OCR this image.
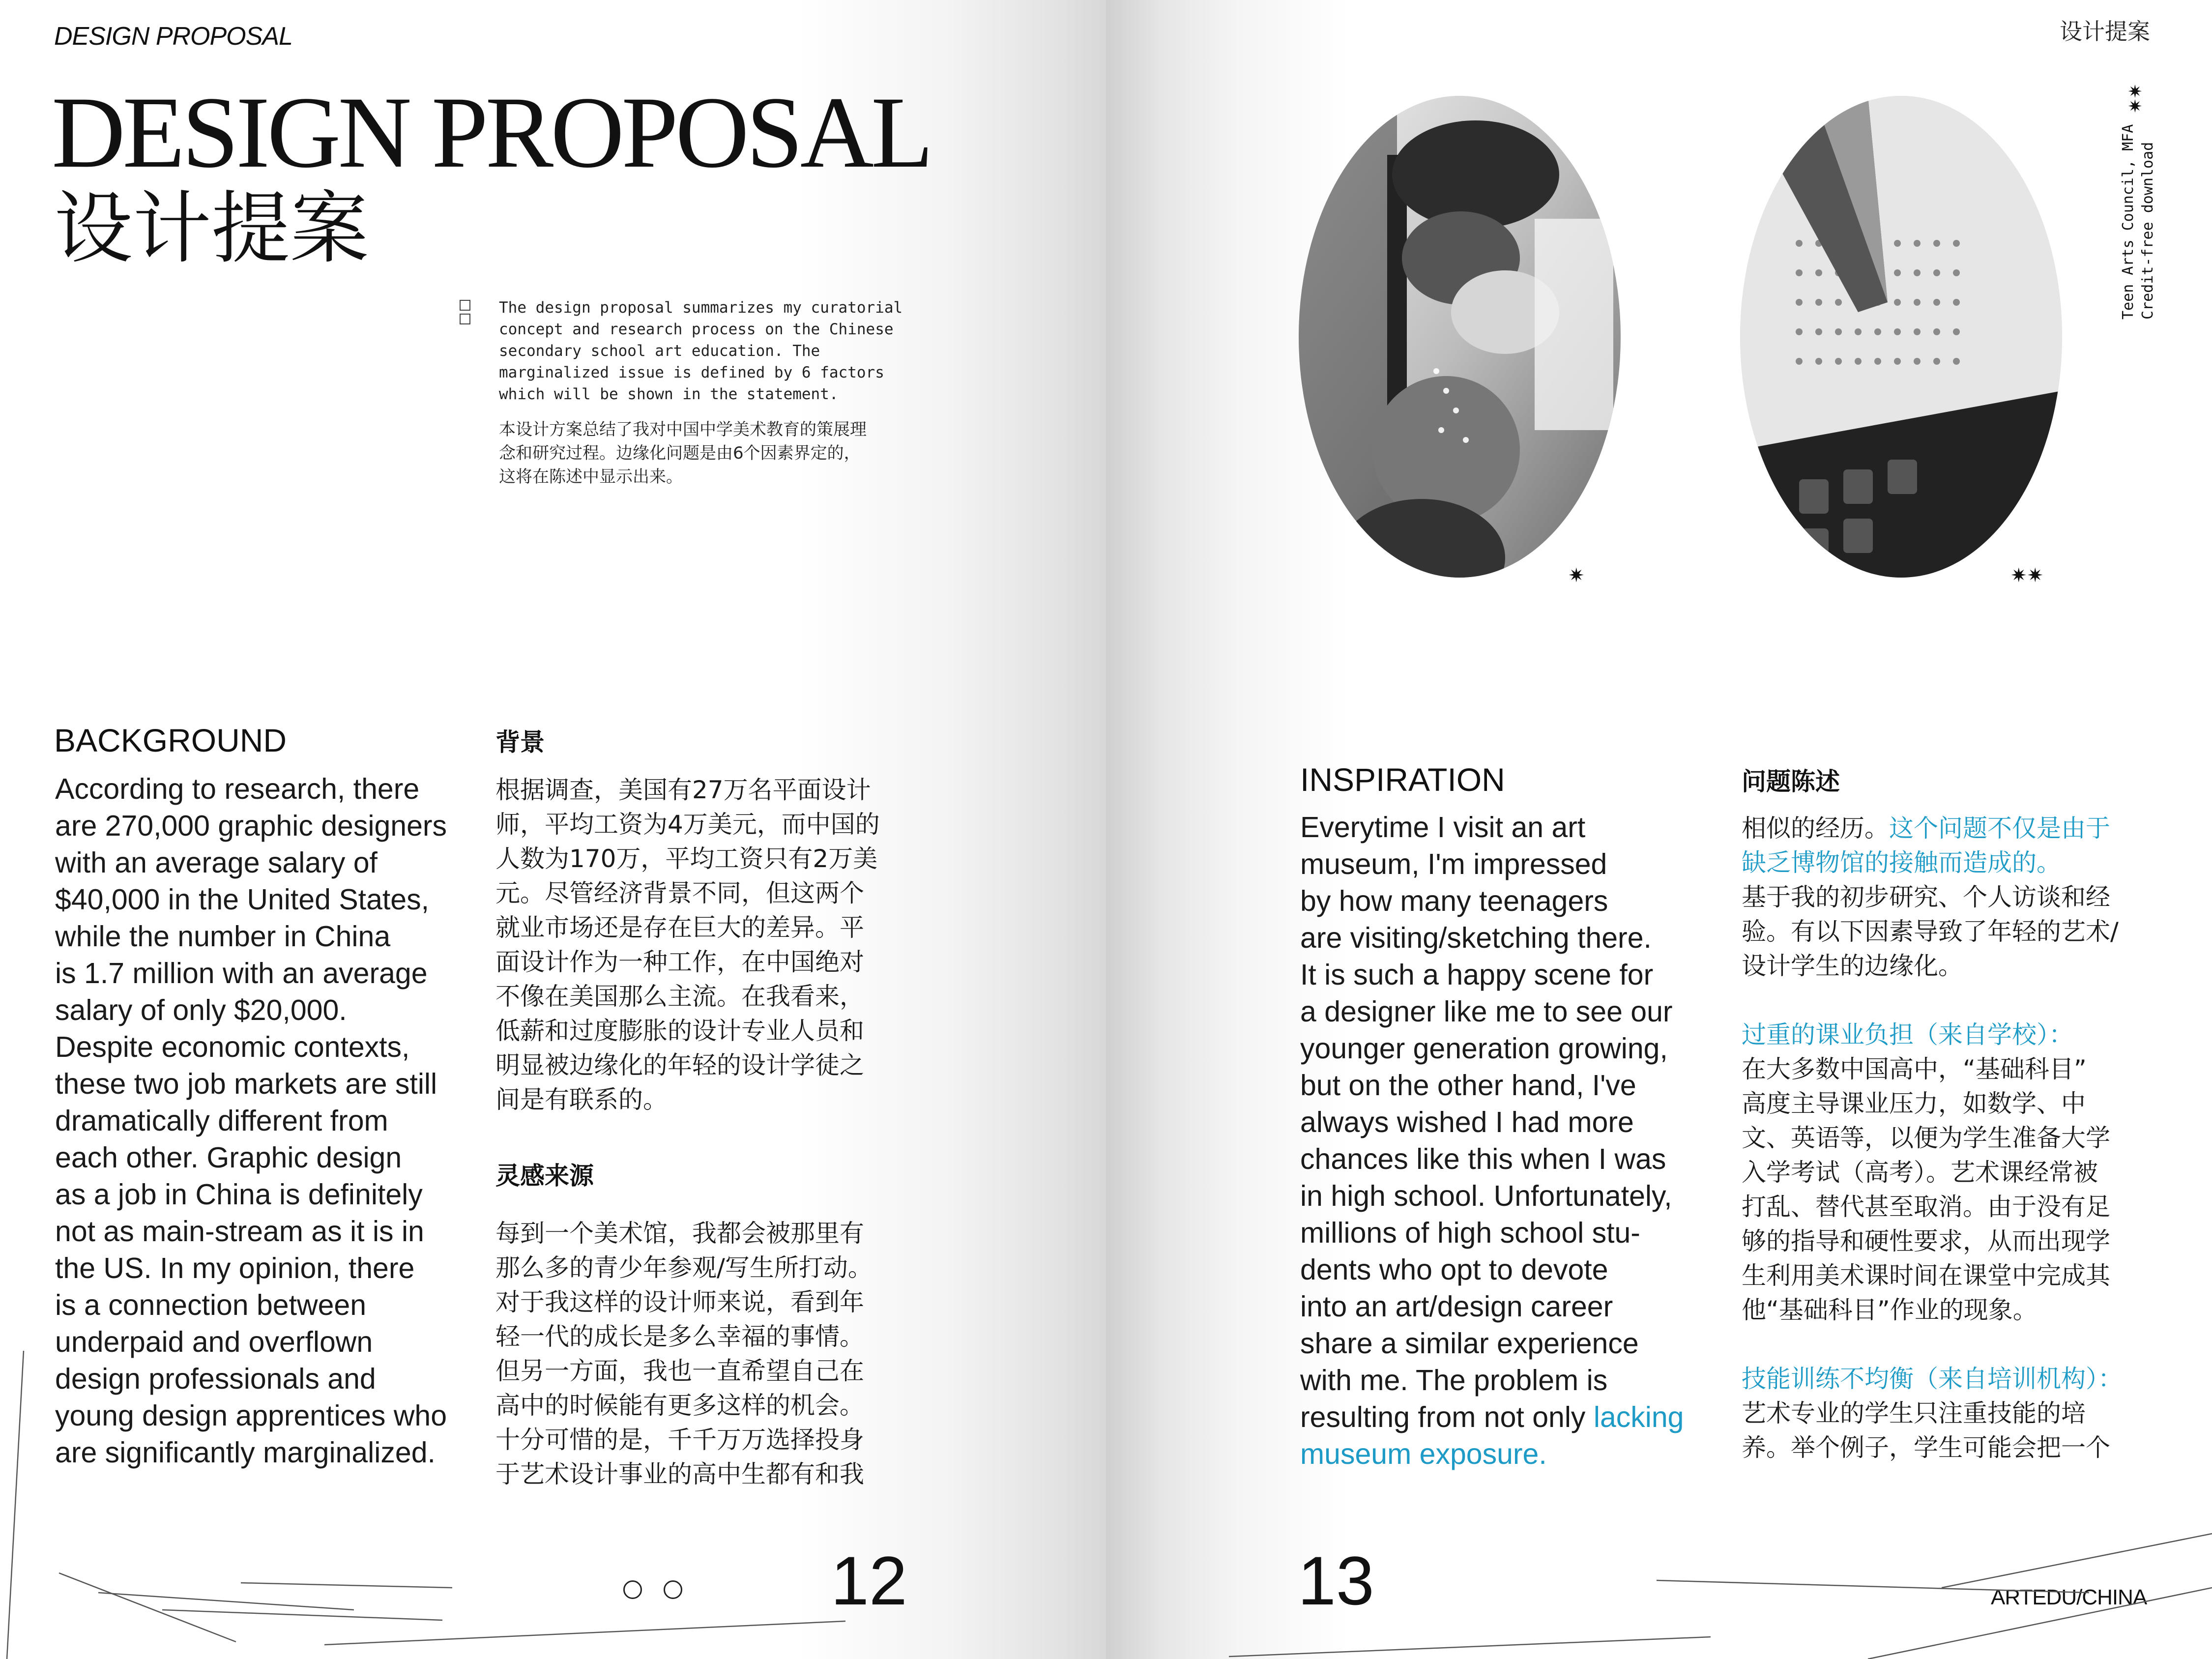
DESIGN PROPOSAL
DESIGN PROPOSAL
设计提案
The design proposal summarizes my curatorial
concept and research process on the Chinese
secondary school art education. The
marginalized issue is defined by 6 factors
which will be shown in the statement.
本设计方案总结了我对中国中学美术教育的策展理
念和研究过程。边缘化问题是由6个因素界定的，
这将在陈述中显示出来。
BACKGROUND
According to research, there
are 270,000 graphic designers
with an average salary of
$40,000 in the United States,
while the number in China
is 1.7 million with an average
salary of only $20,000.
Despite economic contexts,
these two job markets are still
dramatically different from
each other. Graphic design
as a job in China is definitely
not as main-stream as it is in
the US. In my opinion, there
is a connection between
underpaid and overflown
design professionals and
young design apprentices who
are significantly marginalized.
背景
根据调查，美国有27万名平面设计
师，平均工资为4万美元，而中国的
人数为170万，平均工资只有2万美
元。尽管经济背景不同，但这两个
就业市场还是存在巨大的差异。平
面设计作为一种工作，在中国绝对
不像在美国那么主流。在我看来，
低薪和过度膨胀的设计专业人员和
明显被边缘化的年轻的设计学徒之
间是有联系的。
灵感来源
每到一个美术馆，我都会被那里有
那么多的青少年参观/写生所打动。
对于我这样的设计师来说，看到年
轻一代的成长是多么幸福的事情。
但另一方面，我也一直希望自己在
高中的时候能有更多这样的机会。
十分可惜的是，千千万万选择投身
于艺术设计事业的高中生都有和我
12
设计提案
Teen Arts Council, MFA Credit-free download
✷✷
✷	✷✷
INSPIRATION
Everytime I visit an art
museum, I'm impressed
by how many teenagers
are visiting/sketching there.
It is such a happy scene for
a designer like me to see our
younger generation growing,
but on the other hand, I've
always wished I had more
chances like this when I was
in high school. Unfortunately,
millions of high school stu-
dents who opt to devote
into an art/design career
share a similar experience
with me. The problem is
resulting from not only lacking
museum exposure.
问题陈述
相似的经历。这个问题不仅是由于
缺乏博物馆的接触而造成的。
基于我的初步研究、个人访谈和经
验。有以下因素导致了年轻的艺术/
设计学生的边缘化。
过重的课业负担（来自学校）：
在大多数中国高中，“基础科目”
高度主导课业压力，如数学、中
文、英语等，以便为学生准备大学
入学考试（高考）。艺术课经常被
打乱、替代甚至取消。由于没有足
够的指导和硬性要求，从而出现学
生利用美术课时间在课堂中完成其
他“基础科目”作业的现象。
技能训练不均衡（来自培训机构）：
艺术专业的学生只注重技能的培
养。举个例子，学生可能会把一个
13	ARTEDU/CHINA
